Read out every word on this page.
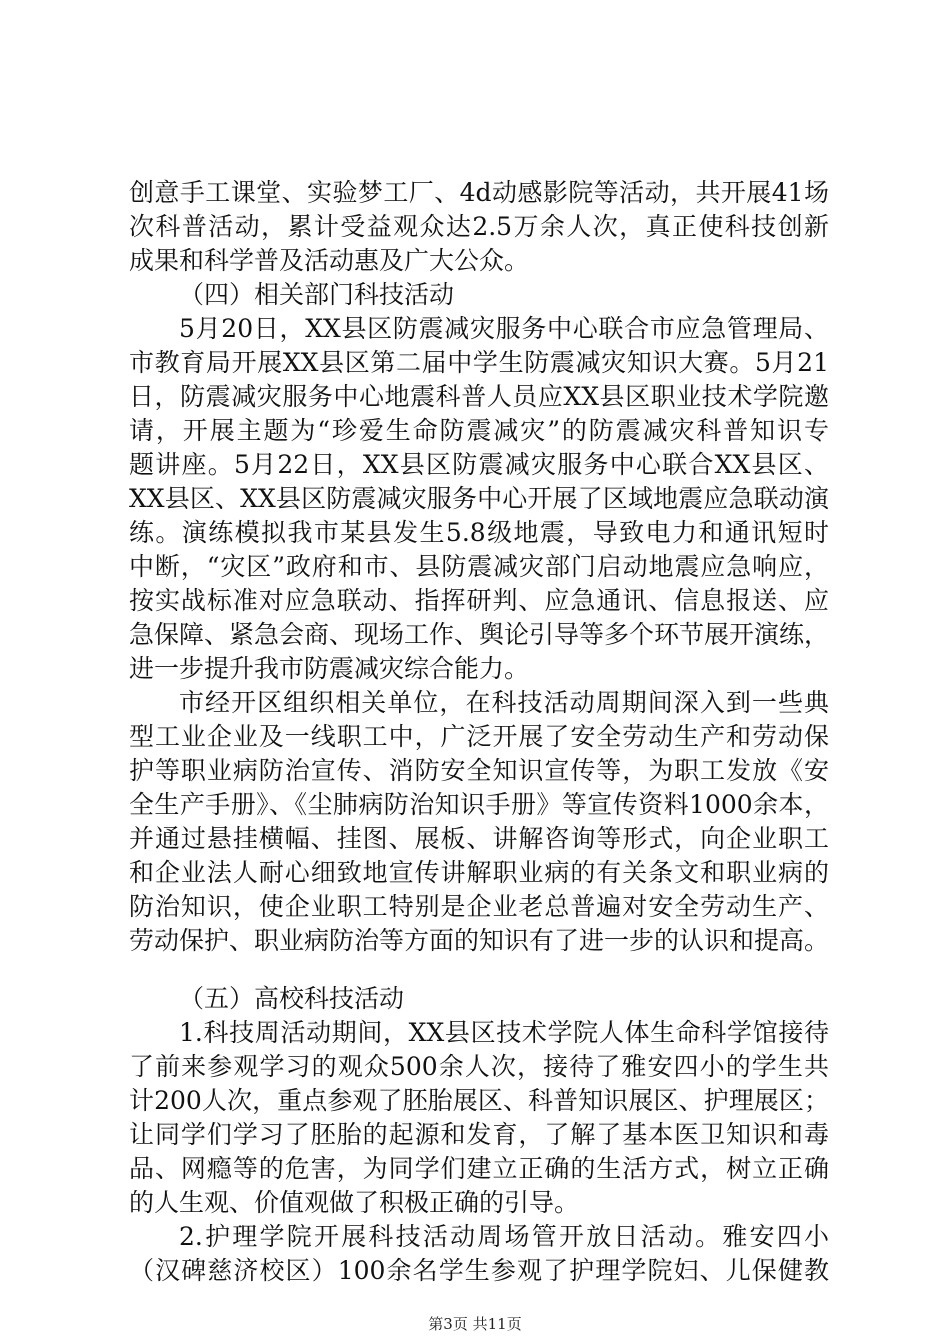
创意手工课堂、实验梦工厂、4d动感影院等活动，共开展41场
次科普活动，累计受益观众达2.5万余人次，真正使科技创新
成果和科学普及活动惠及广大公众。
（四）相关部门科技活动
5月20日，XX县区防震减灾服务中心联合市应急管理局、
市教育局开展XX县区第二届中学生防震减灾知识大赛。5月21
日，防震减灾服务中心地震科普人员应XX县区职业技术学院邀
请，开展主题为“珍爱生命防震减灾”的防震减灾科普知识专
题讲座。5月22日，XX县区防震减灾服务中心联合XX县区、
XX县区、XX县区防震减灾服务中心开展了区域地震应急联动演
练。演练模拟我市某县发生5.8级地震，导致电力和通讯短时
中断，“灾区”政府和市、县防震减灾部门启动地震应急响应，
按实战标准对应急联动、指挥研判、应急通讯、信息报送、应
急保障、紧急会商、现场工作、舆论引导等多个环节展开演练，
进一步提升我市防震减灾综合能力。
市经开区组织相关单位，在科技活动周期间深入到一些典
型工业企业及一线职工中，广泛开展了安全劳动生产和劳动保
护等职业病防治宣传、消防安全知识宣传等，为职工发放《安
全生产手册》、《尘肺病防治知识手册》等宣传资料1000余本，
并通过悬挂横幅、挂图、展板、讲解咨询等形式，向企业职工
和企业法人耐心细致地宣传讲解职业病的有关条文和职业病的
防治知识，使企业职工特别是企业老总普遍对安全劳动生产、
劳动保护、职业病防治等方面的知识有了进一步的认识和提高。
（五）高校科技活动
1.科技周活动期间，XX县区技术学院人体生命科学馆接待
了前来参观学习的观众500余人次，接待了雅安四小的学生共
计200人次，重点参观了胚胎展区、科普知识展区、护理展区；
让同学们学习了胚胎的起源和发育，了解了基本医卫知识和毒
品、网瘾等的危害，为同学们建立正确的生活方式，树立正确
的人生观、价值观做了积极正确的引导。
2.护理学院开展科技活动周场管开放日活动。雅安四小
（汉碑慈济校区）100余名学生参观了护理学院妇、儿保健教
第3页 共11页
